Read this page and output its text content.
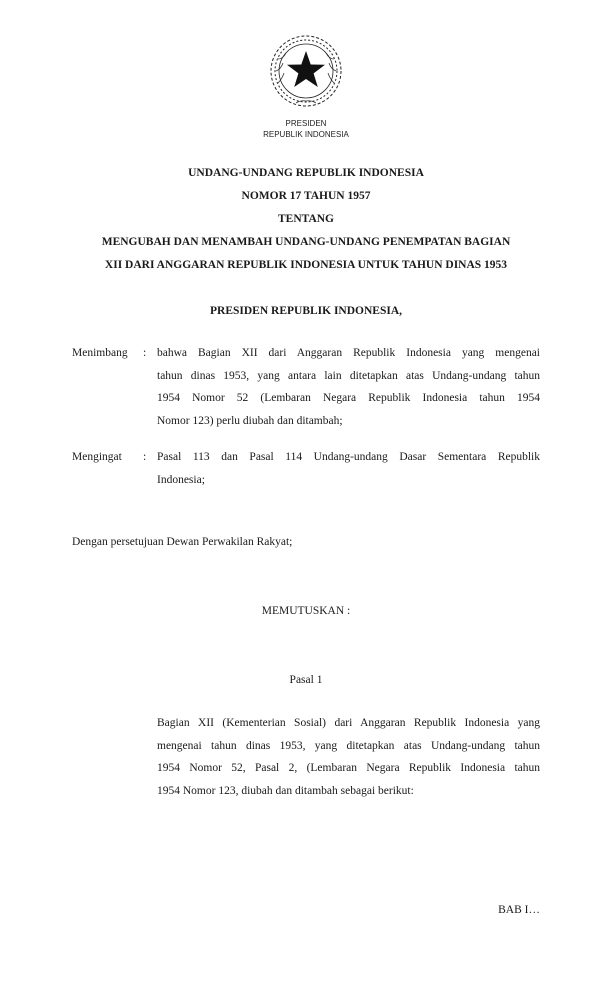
PRESIDEN
REPUBLIK INDONESIA
UNDANG-UNDANG REPUBLIK INDONESIA
NOMOR 17 TAHUN 1957
TENTANG
MENGUBAH DAN MENAMBAH UNDANG-UNDANG PENEMPATAN BAGIAN
XII DARI ANGGARAN REPUBLIK INDONESIA UNTUK TAHUN DINAS 1953
PRESIDEN REPUBLIK INDONESIA,
Menimbang : bahwa Bagian XII dari Anggaran Republik Indonesia yang mengenai
tahun dinas 1953, yang antara lain ditetapkan atas Undang-undang tahun
1954 Nomor 52 (Lembaran Negara Republik Indonesia tahun 1954
Nomor 123) perlu diubah dan ditambah;
Mengingat : Pasal 113 dan Pasal 114 Undang-undang Dasar Sementara Republik
Indonesia;
Dengan persetujuan Dewan Perwakilan Rakyat;
MEMUTUSKAN :
Pasal 1
Bagian XII (Kementerian Sosial) dari Anggaran Republik Indonesia yang
mengenai tahun dinas 1953, yang ditetapkan atas Undang-undang tahun
1954 Nomor 52, Pasal 2, (Lembaran Negara Republik Indonesia tahun
1954 Nomor 123, diubah dan ditambah sebagai berikut:
BAB I…
